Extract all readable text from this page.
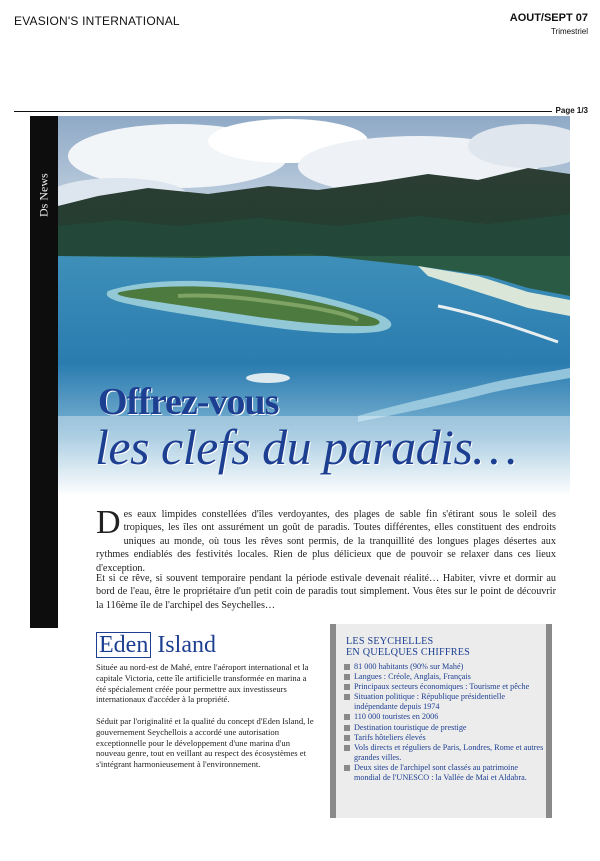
EVASION'S INTERNATIONAL	AOUT/SEPT 07
Trimestriel
Page 1/3
Ds News
Offrez-vous
les clefs du paradis…
Des eaux limpides constellées d'îles verdoyantes, des plages de sable fin s'étirant sous le soleil des tropiques, les îles ont assurément un goût de paradis. Toutes différentes, elles constituent des endroits uniques au monde, où tous les rêves sont permis, de la tranquillité des longues plages désertes aux rythmes endiablés des festivités locales. Rien de plus délicieux que de pouvoir se relaxer dans ces lieux d'exception.
Et si ce rêve, si souvent temporaire pendant la période estivale devenait réalité… Habiter, vivre et dormir au bord de l'eau, être le propriétaire d'un petit coin de paradis tout simplement. Vous êtes sur le point de découvrir la 116ème île de l'archipel des Seychelles…
Eden Island
Située au nord-est de Mahé, entre l'aéroport international et la capitale Victoria, cette île artificielle transformée en marina a été spécialement créée pour permettre aux investisseurs internationaux d'accéder à la propriété.
Séduit par l'originalité et la qualité du concept d'Eden Island, le gouvernement Seychellois a accordé une autorisation exceptionnelle pour le développement d'une marina d'un nouveau genre, tout en veillant au respect des écosystèmes et s'intégrant harmonieusement à l'environnement.
LES SEYCHELLES
EN QUELQUES CHIFFRES
81 000 habitants (90% sur Mahé)
Langues : Créole, Anglais, Français
Principaux secteurs économiques : Tourisme et pêche
Situation politique : République présidentielle indépendante depuis 1974
110 000 touristes en 2006
Destination touristique de prestige
Tarifs hôteliers élevés
Vols directs et réguliers de Paris, Londres, Rome et autres grandes villes.
Deux sites de l'archipel sont classés au patrimoine mondial de l'UNESCO : la Vallée de Mai et Aldabra.
